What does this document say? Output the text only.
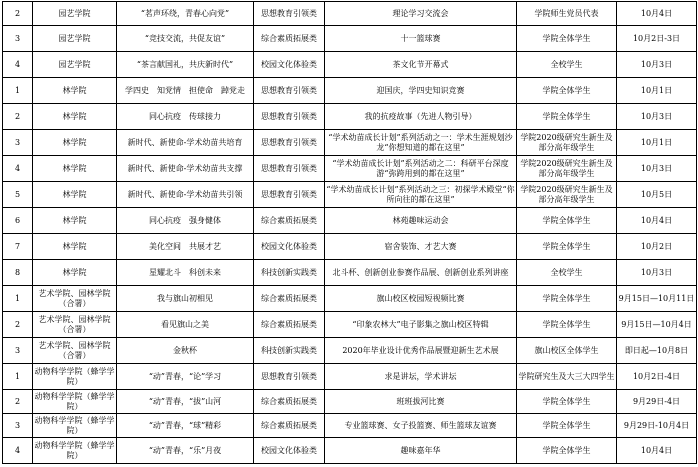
2	园艺学院	“茗声环绕，青春心向党”	思想教育引领类	理论学习交流会	学院师生党员代表	10月4日
3	园艺学院	“竞技交流，共促友谊”	综合素质拓展类	十一篮球赛	学院全体学生	10月2日-3日
4	园艺学院	“茶言献国礼，共庆新时代”	校园文化体验类	茶文化节开幕式	全校学生	10月3日
1	林学院	学四史　知党情　担使命　踔党走	思想教育引领类	迎国庆，学四史知识竞赛	学院全体学生	10月1日
2	林学院	同心抗疫　传球接力	思想教育引领类	我的抗疫故事（先进人物引导）	学院全体学生	10月3日
3	林学院	新时代、新使命-学术幼苗共培育	思想教育引领类	“学术幼苗成长计划”系列活动之一：学术生涯规划沙龙“你想知道的都在这里”	学院2020级研究生新生及部分高年级学生	10月1日
4	林学院	新时代、新使命-学术幼苗共支撑	思想教育引领类	“学术幼苗成长计划”系列活动之二：科研平台深度游“弥跨用到的都在这里”	学院2020级研究生新生及部分高年级学生	10月3日
5	林学院	新时代、新使命-学术幼苗共引领	思想教育引领类	“学术幼苗成长计划”系列活动之三：初探学术殿堂“你所向往的都在这里”	学院2020级研究生新生及部分高年级学生	10月5日
6	林学院	同心抗疫　强身健体	综合素质拓展类	林苑趣味运动会	学院全体学生	10月4日
7	林学院	美化空间　共展才艺	校园文化体验类	宿舍装饰、才艺大赛	学院全体学生	10月2日
8	林学院	星耀北斗　科创未来	科技创新实践类	北斗杯、创新创业参赛作品展、创新创业系列讲座	全校学生	10月3日
1	艺术学院、园林学院（合署）	我与旗山初相见	综合素质拓展类	旗山校区校园短视频比赛	学院全体学生	9月15日—10月11日
2	艺术学院、园林学院（合署）	看见旗山之美	综合素质拓展类	“印象农林大”电子影集之旗山校区特辑	学院全体学生	9月15日—10月4日
3	艺术学院、园林学院（合署）	金秋杯	科技创新实践类	2020年毕业设计优秀作品展暨迎新生艺术展	旗山校区全体学生	即日起—10月8日
1	动物科学学院（蜂学学院）	“动”青春，“论”学习	思想教育引领类	求是讲坛，学术讲坛	学院研究生及大三大四学生	10月2日-4日
2	动物科学学院（蜂学学院）	“动”青春，“拔”山河	综合素质拓展类	班班拔河比赛	学院全体学生	9月29日-4日
3	动物科学学院（蜂学学院）	“动”青春，“球”精彩	综合素质拓展类	专业篮球赛、女子投篮赛、师生篮球友谊赛	学院全体学生	9月29日-10月4日
4	动物科学学院（蜂学学院）	“动”青春，“乐”月夜	校园文化体验类	趣味嘉年华	学院全体学生	10月4日
